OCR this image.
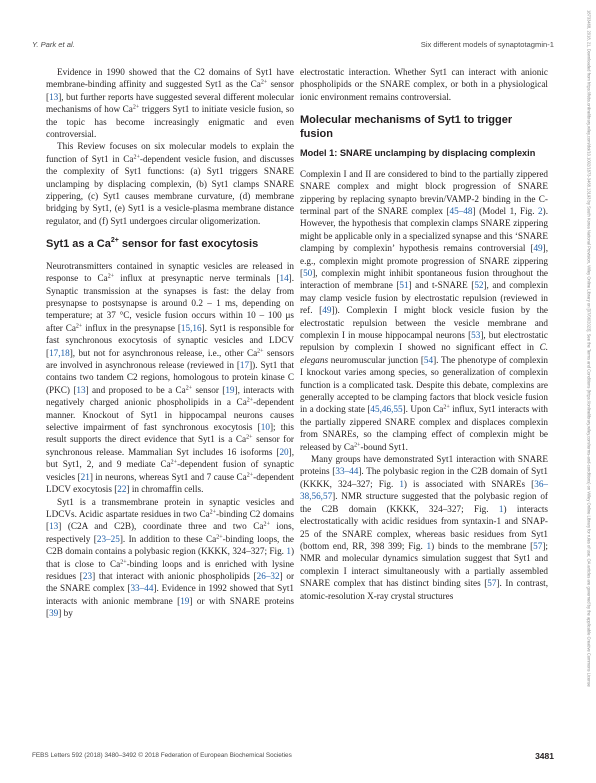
Y. Park et al.	Six different models of synaptotagmin-1

Evidence in 1990 showed that the C2 domains of Syt1 have membrane-binding affinity and suggested Syt1 as the $Ca^{2+}$ sensor [13], but further reports have suggested several different molecular mechanisms of how $Ca^{2+}$ triggers Syt1 to initiate vesicle fusion, so the topic has become increasingly enigmatic and even controversial.

This Review focuses on six molecular models to explain the function of Syt1 in $Ca^{2+}$-dependent vesicle fusion, and discusses the complexity of Syt1 functions: (a) Syt1 triggers SNARE unclamping by displacing complexin, (b) Syt1 clamps SNARE zippering, (c) Syt1 causes membrane curvature, (d) membrane bridging by Syt1, (e) Syt1 is a vesicle-plasma membrane distance regulator, and (f) Syt1 undergoes circular oligomerization.

Syt1 as a $Ca^{2+}$ sensor for fast exocytosis

Neurotransmitters contained in synaptic vesicles are released in response to $Ca^{2+}$ influx at presynaptic nerve terminals [14]. Synaptic transmission at the synapses is fast: the delay from presynapse to postsynapse is around 0.2 – 1 ms, depending on temperature; at 37 °C, vesicle fusion occurs within 10 – 100 μs after $Ca^{2+}$ influx in the presynapse [15,16]. Syt1 is responsible for fast synchronous exocytosis of synaptic vesicles and LDCV [17,18], but not for asynchronous release, i.e., other $Ca^{2+}$ sensors are involved in asynchronous release (reviewed in [17]). Syt1 that contains two tandem C2 regions, homologous to protein kinase C (PKC) [13] and proposed to be a $Ca^{2+}$ sensor [19], interacts with negatively charged anionic phospholipids in a $Ca^{2+}$-dependent manner. Knockout of Syt1 in hippocampal neurons causes selective impairment of fast synchronous exocytosis [10]; this result supports the direct evidence that Syt1 is a $Ca^{2+}$ sensor for synchronous release. Mammalian Syt includes 16 isoforms [20], but Syt1, 2, and 9 mediate $Ca^{2+}$-dependent fusion of synaptic vesicles [21] in neurons, whereas Syt1 and 7 cause $Ca^{2+}$-dependent LDCV exocytosis [22] in chromaffin cells.

Syt1 is a transmembrane protein in synaptic vesicles and LDCVs. Acidic aspartate residues in two $Ca^{2+}$-binding C2 domains [13] (C2A and C2B), coordinate three and two $Ca^{2+}$ ions, respectively [23–25]. In addition to these $Ca^{2+}$-binding loops, the C2B domain contains a polybasic region (KKKK, 324–327; Fig. 1) that is close to $Ca^{2+}$-binding loops and is enriched with lysine residues [23] that interact with anionic phospholipids [26–32] or the SNARE complex [33–44]. Evidence in 1992 showed that Syt1 interacts with anionic membrane [19] or with SNARE proteins [39] by

electrostatic interaction. Whether Syt1 can interact with anionic phospholipids or the SNARE complex, or both in a physiological ionic environment remains controversial.

Molecular mechanisms of Syt1 to trigger fusion
Model 1: SNARE unclamping by displacing complexin

Complexin I and II are considered to bind to the partially zippered SNARE complex and might block progression of SNARE zippering by replacing synapto brevin/VAMP-2 binding in the C-terminal part of the SNARE complex [45–48] (Model 1, Fig. 2). However, the hypothesis that complexin clamps SNARE zippering might be applicable only in a specialized synapse and this ‘SNARE clamping by complexin’ hypothesis remains controversial [49], e.g., complexin might promote progression of SNARE zippering [50], complexin might inhibit spontaneous fusion throughout the interaction of membrane [51] and t-SNARE [52], and complexin may clamp vesicle fusion by electrostatic repulsion (reviewed in ref. [49]). Complexin I might block vesicle fusion by the electrostatic repulsion between the vesicle membrane and complexin I in mouse hippocampal neurons [53], but electrostatic repulsion by complexin I showed no significant effect in C. elegans neuromuscular junction [54]. The phenotype of complexin I knockout varies among species, so generalization of complexin function is a complicated task. Despite this debate, complexins are generally accepted to be clamping factors that block vesicle fusion in a docking state [45,46,55]. Upon $Ca^{2+}$ influx, Syt1 interacts with the partially zippered SNARE complex and displaces complexin from SNAREs, so the clamping effect of complexin might be released by $Ca^{2+}$-bound Syt1.

Many groups have demonstrated Syt1 interaction with SNARE proteins [33–44]. The polybasic region in the C2B domain of Syt1 (KKKK, 324–327; Fig. 1) is associated with SNAREs [36–38,56,57]. NMR structure suggested that the polybasic region of the C2B domain (KKKK, 324–327; Fig. 1) interacts electrostatically with acidic residues from syntaxin-1 and SNAP-25 of the SNARE complex, whereas basic residues from Syt1 (bottom end, RR, 398 399; Fig. 1) binds to the membrane [57]; NMR and molecular dynamics simulation suggest that Syt1 and complexin I interact simultaneously with a partially assembled SNARE complex that has distinct binding sites [57]. In contrast, atomic-resolution X-ray crystal structures

FEBS Letters 592 (2018) 3480–3492 © 2018 Federation of European Biochemical Societies	3481
18733468, 2018, 21, Downloaded from https://febs.onlinelibrary.wiley.com/doi/10.1002/1873-3468.13193 by South Korea National Provision, Wiley Online Library on [07/06/2023]. See the Terms and Conditions (https://onlinelibrary.wiley.com/terms-and-conditions) on Wiley Online Library for rules of use; OA articles are governed by the applicable Creative Commons License
